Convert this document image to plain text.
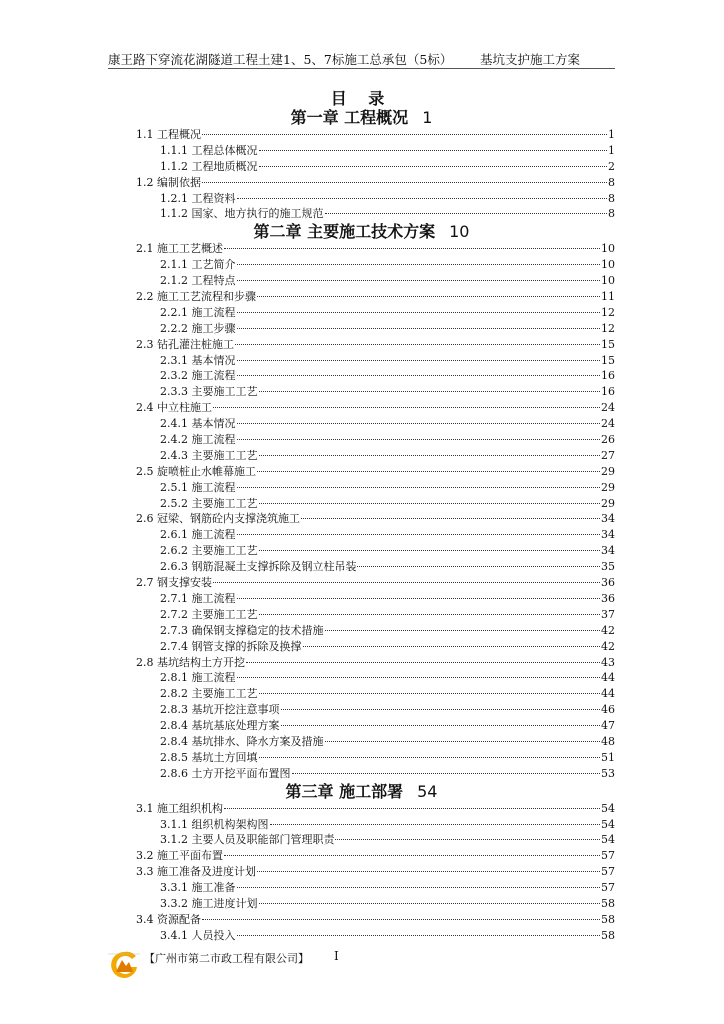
康王路下穿流花湖隧道工程土建1、5、7标施工总承包（5标） 基坑支护施工方案
目 录
第一章 工程概况 1
1.1 工程概况	1
1.1.1 工程总体概况	1
1.1.2 工程地质概况	2
1.2 编制依据	8
1.2.1 工程资料	8
1.1.2 国家、地方执行的施工规范	8
第二章 主要施工技术方案 10
2.1 施工工艺概述	10
2.1.1 工艺简介	10
2.1.2 工程特点	10
2.2 施工工艺流程和步骤	11
2.2.1 施工流程	12
2.2.2 施工步骤	12
2.3 钻孔灌注桩施工	15
2.3.1 基本情况	15
2.3.2 施工流程	16
2.3.3 主要施工工艺	16
2.4 中立柱施工	24
2.4.1 基本情况	24
2.4.2 施工流程	26
2.4.3 主要施工工艺	27
2.5 旋喷桩止水帷幕施工	29
2.5.1 施工流程	29
2.5.2 主要施工工艺	29
2.6 冠梁、钢筋砼内支撑浇筑施工	34
2.6.1 施工流程	34
2.6.2 主要施工工艺	34
2.6.3 钢筋混凝土支撑拆除及钢立柱吊装	35
2.7 钢支撑安装	36
2.7.1 施工流程	36
2.7.2 主要施工工艺	37
2.7.3 确保钢支撑稳定的技术措施	42
2.7.4 钢管支撑的拆除及换撑	42
2.8 基坑结构土方开挖	43
2.8.1 施工流程	44
2.8.2 主要施工工艺	44
2.8.3 基坑开挖注意事项	46
2.8.4 基坑基底处理方案	47
2.8.4 基坑排水、降水方案及措施	48
2.8.5 基坑土方回填	51
2.8.6 土方开挖平面布置图	53
第三章 施工部署 54
3.1 施工组织机构	54
3.1.1 组织机构架构图	54
3.1.2 主要人员及职能部门管理职责	54
3.2 施工平面布置	57
3.3 施工准备及进度计划	57
3.3.1 施工准备	57
3.3.2 施工进度计划	58
3.4 资源配备	58
3.4.1 人员投入	58
【广州市第二市政工程有限公司】 I
